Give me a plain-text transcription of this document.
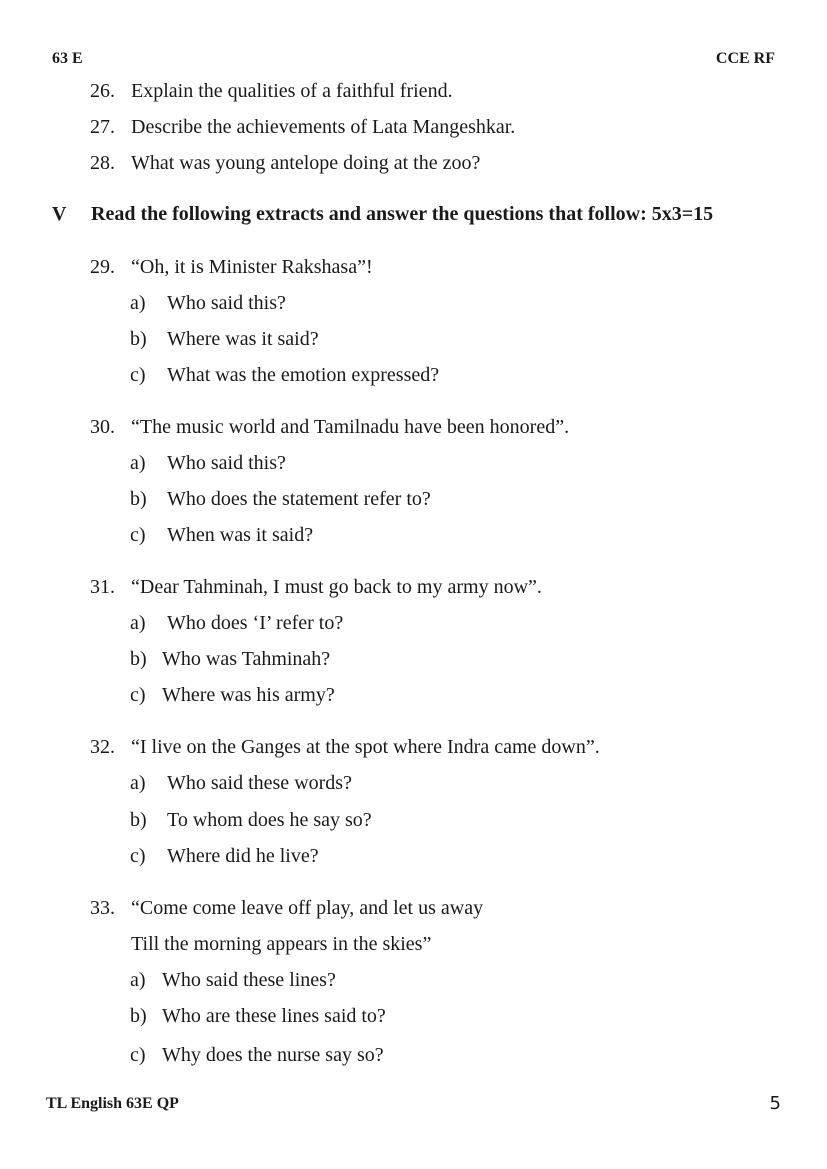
63 E	CCE RF
26. Explain the qualities of a faithful friend.
27. Describe the achievements of Lata Mangeshkar.
28. What was young antelope doing at the zoo?
V Read the following extracts and answer the questions that follow: 5x3=15
29. “Oh, it is Minister Rakshasa”!
a) Who said this?
b) Where was it said?
c) What was the emotion expressed?
30. “The music world and Tamilnadu have been honored”.
a) Who said this?
b) Who does the statement refer to?
c) When was it said?
31. “Dear Tahminah, I must go back to my army now”.
a) Who does ‘I’ refer to?
b) Who was Tahminah?
c) Where was his army?
32. “I live on the Ganges at the spot where Indra came down”.
a) Who said these words?
b) To whom does he say so?
c) Where did he live?
33. “Come come leave off play, and let us away
Till the morning appears in the skies”
a) Who said these lines?
b) Who are these lines said to?
c) Why does the nurse say so?
TL English 63E QP	5
